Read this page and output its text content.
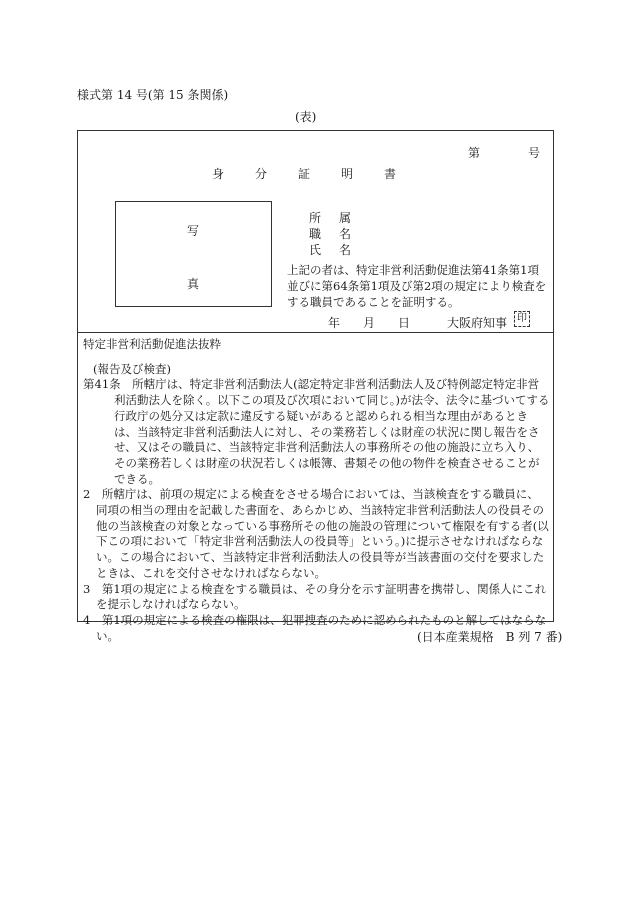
様式第 14 号(第 15 条関係)
(表)
第	号
身	分	証	明	書
写
真
所 属
職 名
氏 名
上記の者は、特定非営利活動促進法第41条第1項並びに第64条第1項及び第2項の規定により検査をする職員であることを証明する。
年 月 日	大阪府知事 印

特定非営利活動促進法抜粋

(報告及び検査)

第41条　所轄庁は、特定非営利活動法人(認定特定非営利活動法人及び特例認定特定非営利活動法人を除く。以下この項及び次項において同じ。)が法令、法令に基づいてする行政庁の処分又は定款に違反する疑いがあると認められる相当な理由があるときは、当該特定非営利活動法人に対し、その業務若しくは財産の状況に関し報告をさせ、又はその職員に、当該特定非営利活動法人の事務所その他の施設に立ち入り、その業務若しくは財産の状況若しくは帳簿、書類その他の物件を検査させることができる。

2　所轄庁は、前項の規定による検査をさせる場合においては、当該検査をする職員に、同項の相当の理由を記載した書面を、あらかじめ、当該特定非営利活動法人の役員その他の当該検査の対象となっている事務所その他の施設の管理について権限を有する者(以下この項において「特定非営利活動法人の役員等」という。)に提示させなければならない。この場合において、当該特定非営利活動法人の役員等が当該書面の交付を要求したときは、これを交付させなければならない。

3　第1項の規定による検査をする職員は、その身分を示す証明書を携帯し、関係人にこれを提示しなければならない。

4　第1項の規定による検査の権限は、犯罪捜査のために認められたものと解してはならない。	(日本産業規格　B 列 7 番)
